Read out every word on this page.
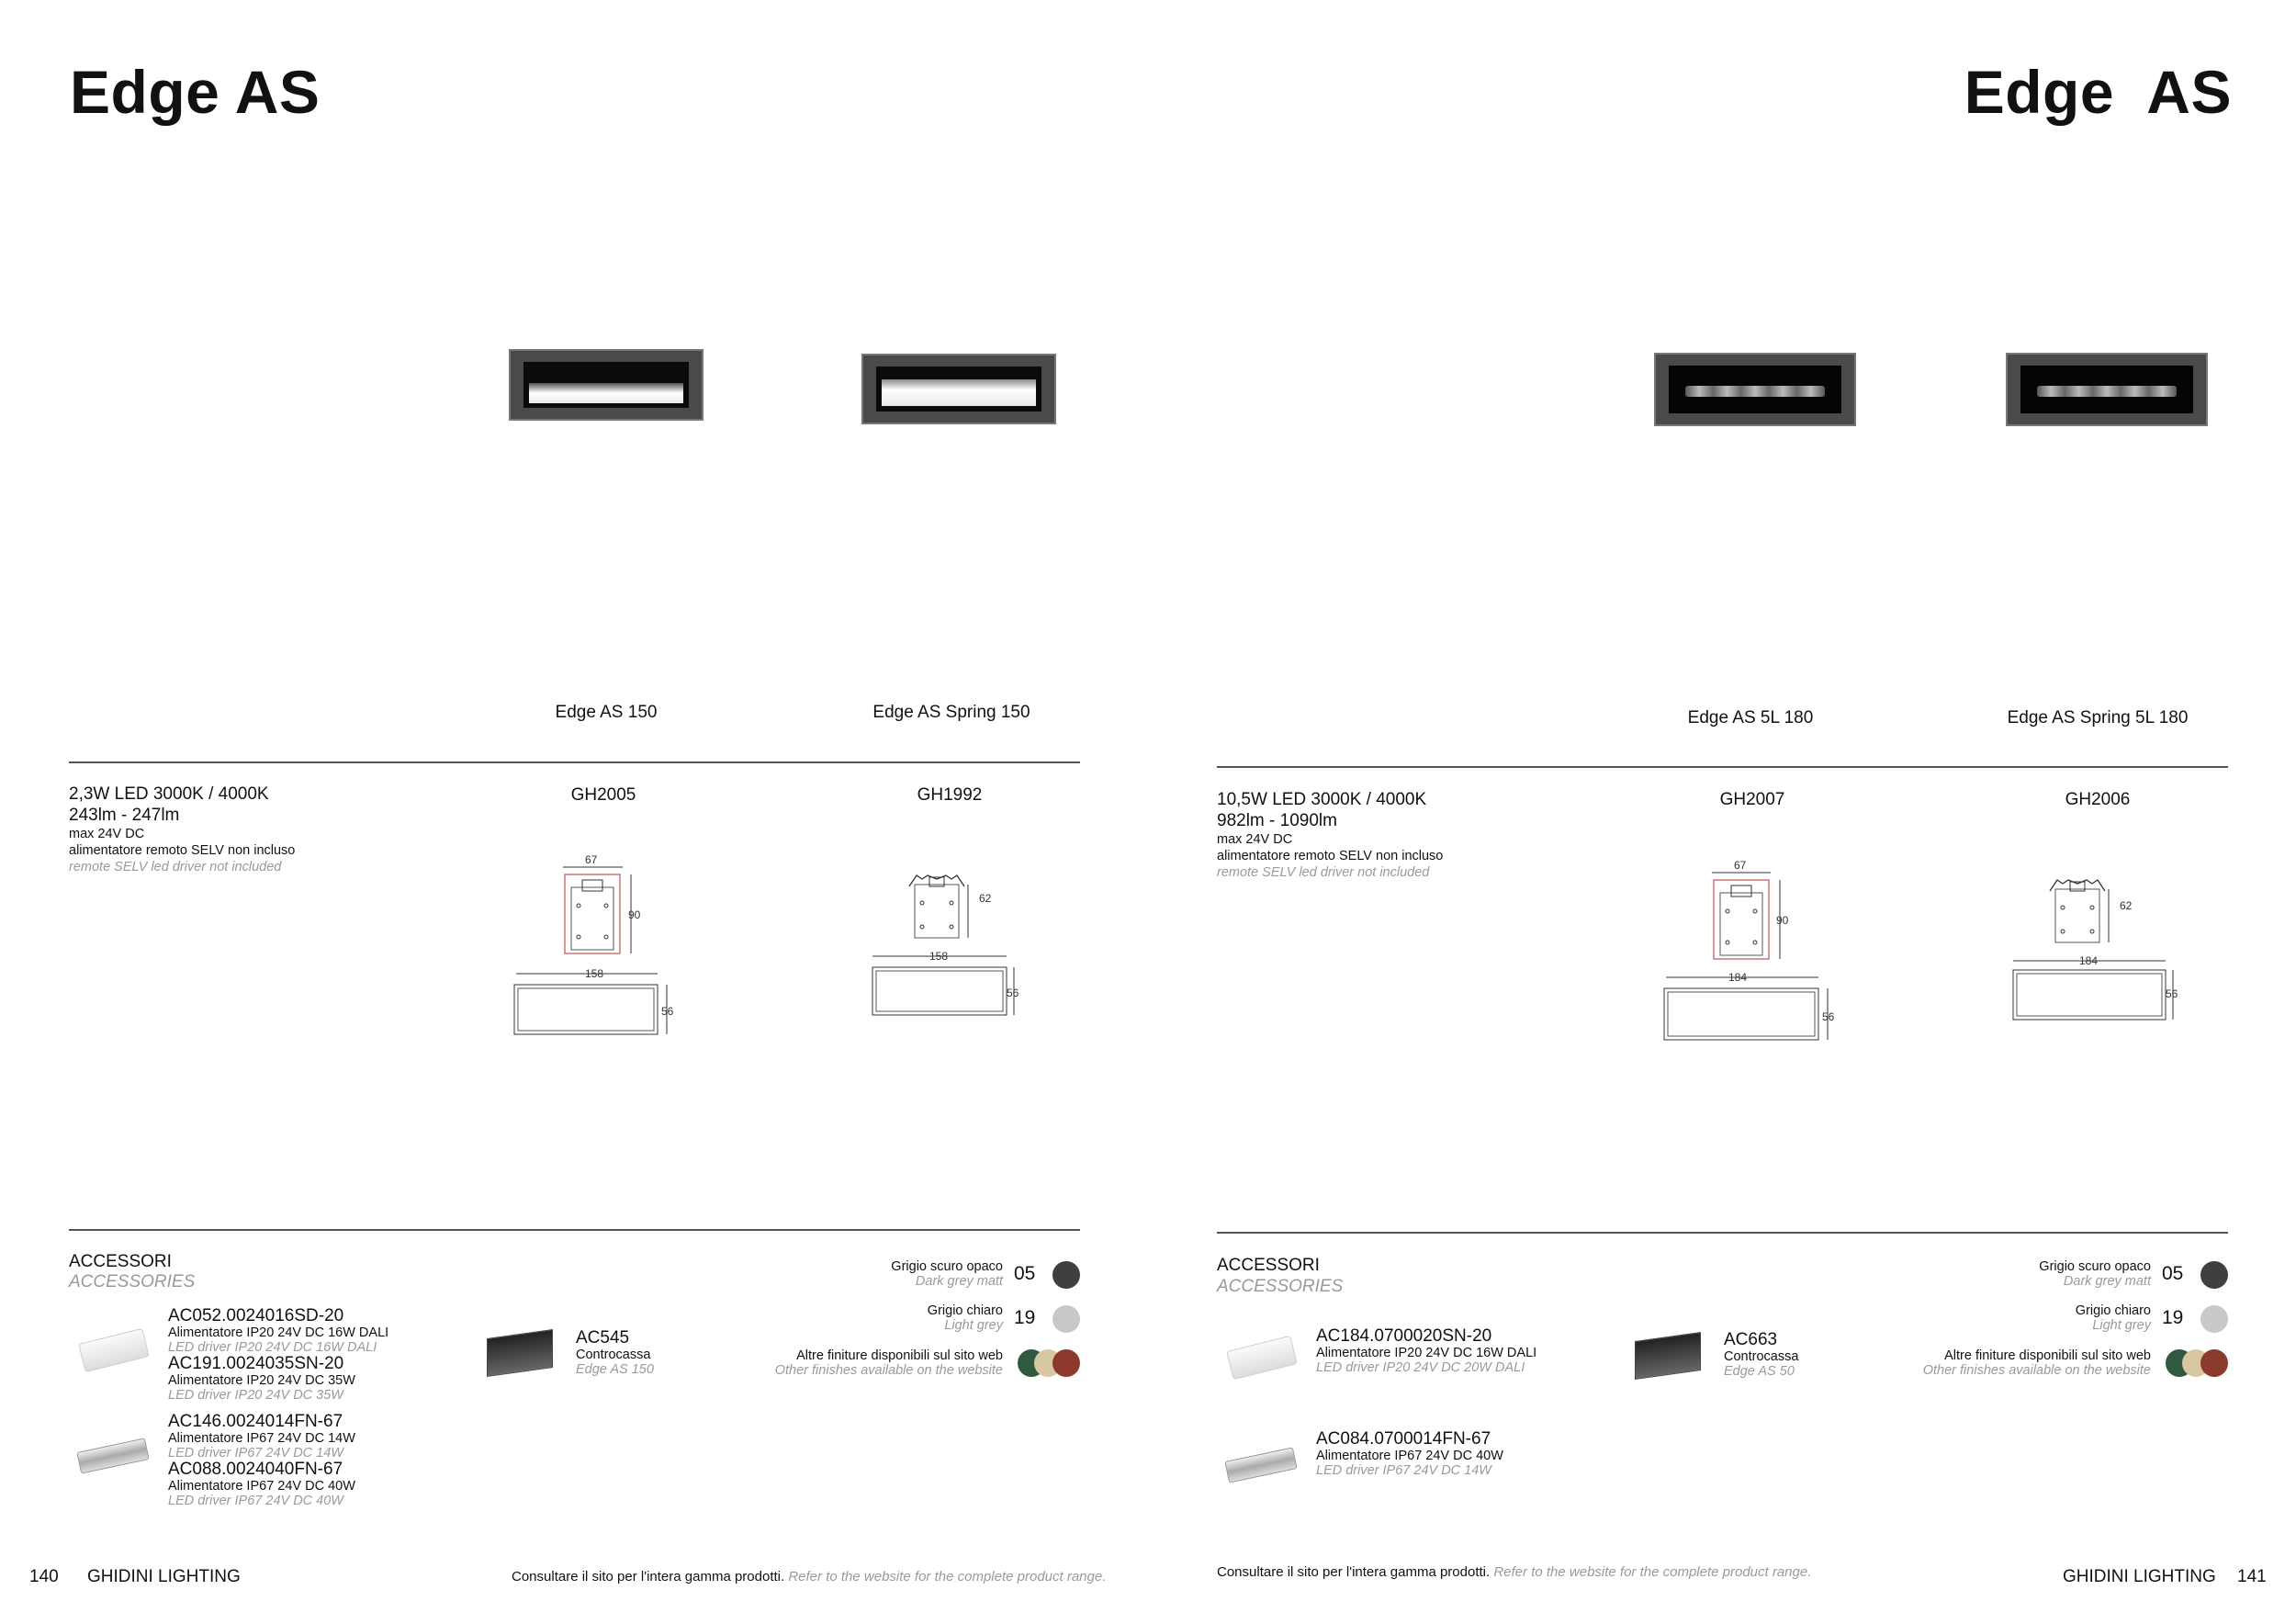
Edge AS
Edge AS 150	Edge AS Spring 150
2,3W LED 3000K / 4000K
243lm - 247lm
max 24V DC
alimentatore remoto SELV non incluso
remote SELV led driver not included
GH2005	GH1992
67
90
158
56
62
158
56
ACCESSORI
ACCESSORIES
AC052.0024016SD-20
Alimentatore IP20 24V DC 16W DALI
LED driver IP20 24V DC 16W DALI
AC191.0024035SN-20
Alimentatore IP20 24V DC 35W
LED driver IP20 24V DC 35W
AC146.0024014FN-67
Alimentatore IP67 24V DC 14W
LED driver IP67 24V DC 14W
AC088.0024040FN-67
Alimentatore IP67 24V DC 40W
LED driver IP67 24V DC 40W
AC545
Controcassa
Edge AS 150
Grigio scuro opaco
Dark grey matt 05
Grigio chiaro
Light grey 19
Altre finiture disponibili sul sito web
Other finishes available on the website
140 GHIDINI LIGHTING	Consultare il sito per l'intera gamma prodotti. Refer to the website for the complete product range.
Edge  AS
Edge AS 5L 180	Edge AS Spring 5L 180
10,5W LED 3000K / 4000K
982lm - 1090lm
max 24V DC
alimentatore remoto SELV non incluso
remote SELV led driver not included
GH2007	GH2006
67
90
184
56
62
184
56
ACCESSORI
ACCESSORIES
AC184.0700020SN-20
Alimentatore IP20 24V DC 16W DALI
LED driver IP20 24V DC 20W DALI
AC084.0700014FN-67
Alimentatore IP67 24V DC 40W
LED driver IP67 24V DC 14W
AC663
Controcassa
Edge AS 50
Grigio scuro opaco
Dark grey matt 05
Grigio chiaro
Light grey 19
Altre finiture disponibili sul sito web
Other finishes available on the website
Consultare il sito per l'intera gamma prodotti. Refer to the website for the complete product range.	GHIDINI LIGHTING 141
